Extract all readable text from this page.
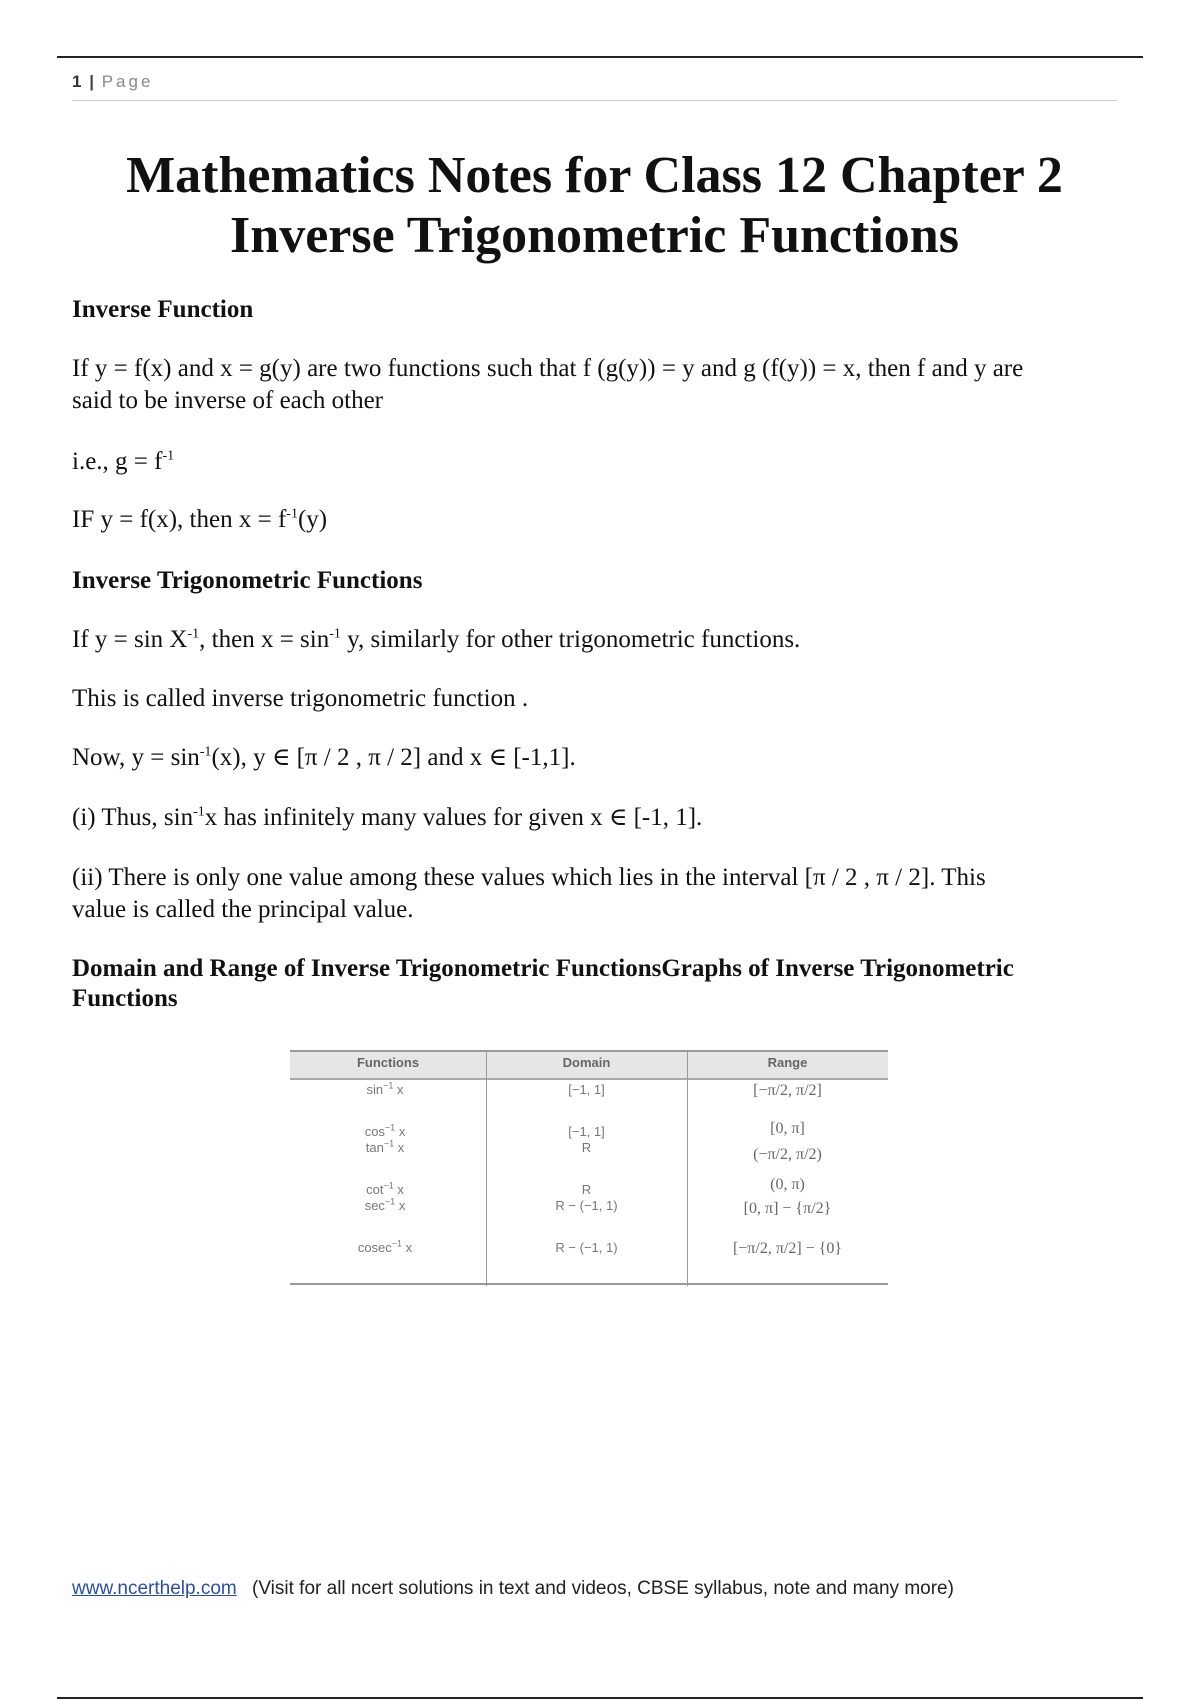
1 | Page
Mathematics Notes for Class 12 Chapter 2
Inverse Trigonometric Functions
Inverse Function
If y = f(x) and x = g(y) are two functions such that f (g(y)) = y and g (f(y)) = x, then f and y are
said to be inverse of each other
i.e., $g = f^{-1}$
IF y = f(x), then $x = f^{-1}(y)$
Inverse Trigonometric Functions
If $y = \sin X^{-1}$, then $x = \sin^{-1} y$, similarly for other trigonometric functions.
This is called inverse trigonometric function .
Now, $y = \sin^{-1}(x)$, y ∈ [π / 2 , π / 2] and x ∈ [-1,1].
(i) Thus, $\sin^{-1}x$ has infinitely many values for given x ∈ [-1, 1].
(ii) There is only one value among these values which lies in the interval [π / 2 , π / 2]. This
value is called the principal value.
Domain and Range of Inverse Trigonometric FunctionsGraphs of Inverse Trigonometric
Functions
Functions	Domain	Range
$\sin^{-1} x$
$\cos^{-1} x$
$\tan^{-1} x$
$\cot^{-1} x$
$\sec^{-1} x$
cosec$^{-1}$ x
[−1, 1]
[−1, 1]
R
R
R − (−1, 1)
R − (−1, 1)
[−π/2, π/2]
[0, π]
(−π/2, π/2)
(0, π)
[0, π] − {π/2}
[−π/2, π/2] − {0}
www.ncerthelp.com (Visit for all ncert solutions in text and videos, CBSE syllabus, note and many more)
